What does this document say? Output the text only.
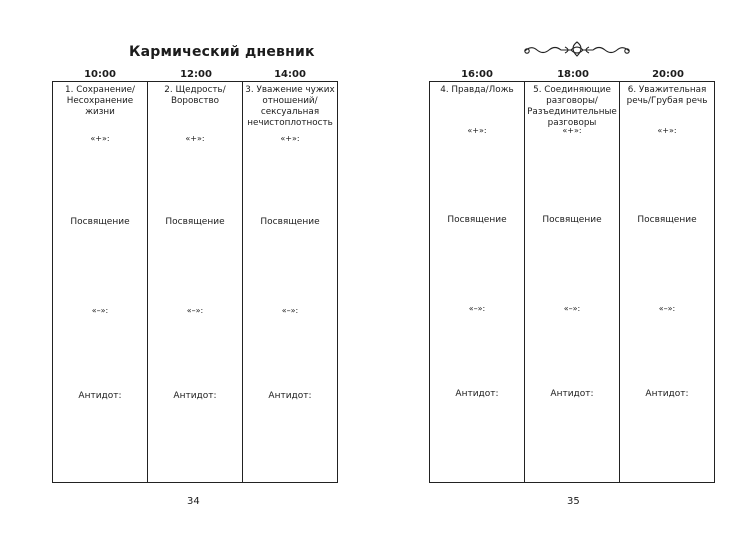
Кармический дневник
10:00	12:00	14:00
1. Сохранение/ Несохранение жизни
«+»:
Посвящение
«–»:
Антидот:
2. Щедрость/ Воровство
«+»:
Посвящение
«–»:
Антидот:
3. Уважение чужих отношений/ сексуальная нечистоплотность
«+»:
Посвящение
«–»:
Антидот:
34
16:00	18:00	20:00
4. Правда/Ложь
«+»:
Посвящение
«–»:
Антидот:
5. Соединяющие разговоры/ Разъединительные разговоры
«+»:
Посвящение
«–»:
Антидот:
6. Уважительная речь/Грубая речь
«+»:
Посвящение
«–»:
Антидот:
35
